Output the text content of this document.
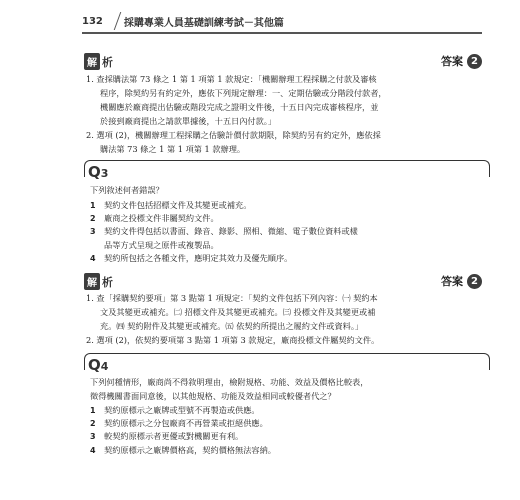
132 採購專業人員基礎訓練考試－其他篇
解 析	答案 2
1. 查採購法第 73 條之 1 第 1 項第 1 款規定：「機關辦理工程採購之付款及審核
程序，除契約另有約定外，應依下列規定辦理：一、定期估驗或分階段付款者，
機關應於廠商提出估驗或階段完成之證明文件後，十五日內完成審核程序，並
於接到廠商提出之請款單據後，十五日內付款。」
2. 選項 (2)，機關辦理工程採購之估驗計價付款期限，除契約另有約定外，應依採
購法第 73 條之 1 第 1 項第 1 款辦理。
Q3
下列敘述何者錯誤？
1	契約文件包括招標文件及其變更或補充。
2	廠商之投標文件非屬契約文件。
3	契約文件得包括以書面、錄音、錄影、照相、微縮、電子數位資料或樣
品等方式呈現之原件或複製品。
4	契約所包括之各種文件，應明定其效力及優先順序。
解 析	答案 2
1. 查「採購契約要項」第 3 點第 1 項規定：「契約文件包括下列內容：㈠ 契約本
文及其變更或補充。㈡ 招標文件及其變更或補充。㈢ 投標文件及其變更或補
充。㈣ 契約附件及其變更或補充。㈤ 依契約所提出之履約文件或資料。」
2. 選項 (2)，依契約要項第 3 點第 1 項第 3 款規定，廠商投標文件屬契約文件。
Q4
下列何種情形，廠商尚不得敘明理由，檢附規格、功能、效益及價格比較表，
徵得機關書面同意後，以其他規格、功能及效益相同或較優者代之？
1	契約原標示之廠牌或型號不再製造或供應。
2	契約原標示之分包廠商不再營業或拒絕供應。
3	較契約原標示者更優或對機關更有利。
4	契約原標示之廠牌價格高，契約價格無法容納。
